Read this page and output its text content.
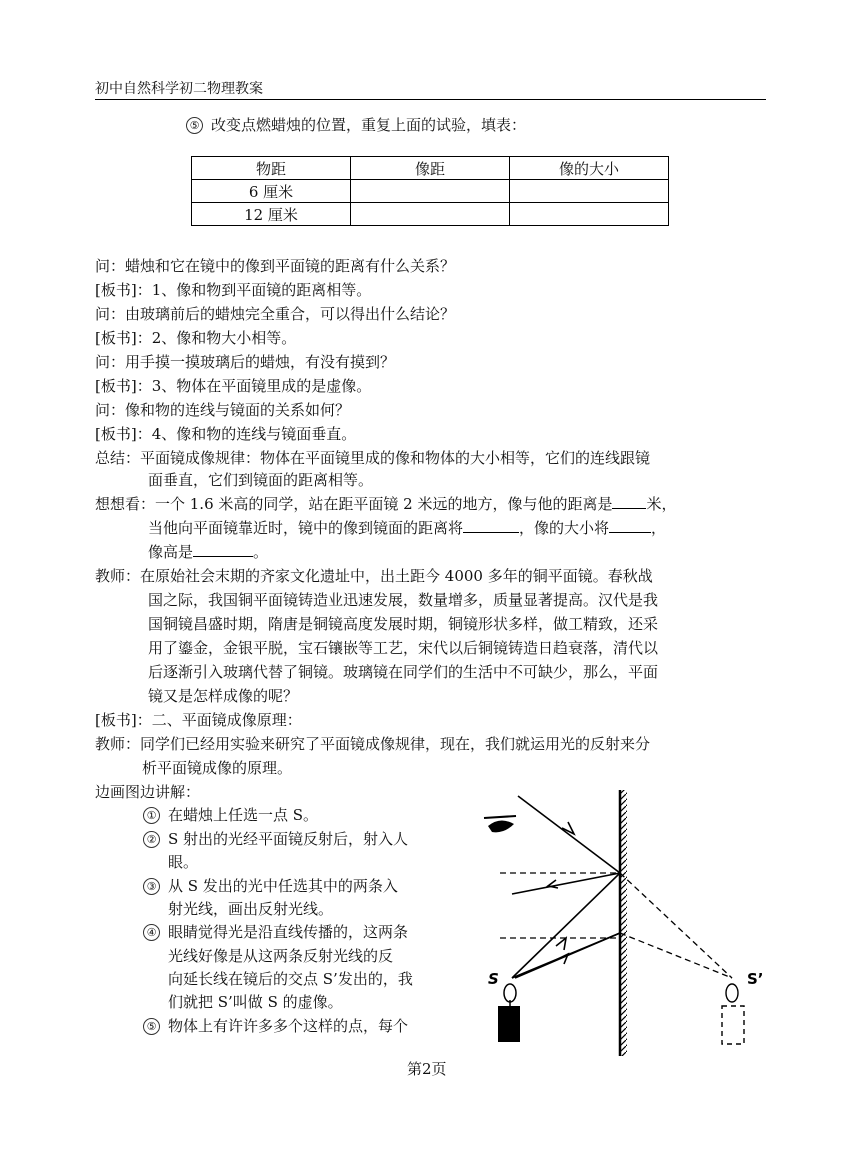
初中自然科学初二物理教案
⑤ 改变点燃蜡烛的位置，重复上面的试验，填表：
物距	像距	像的大小
6 厘米		
12 厘米		
问：蜡烛和它在镜中的像到平面镜的距离有什么关系？
[板书]：1、像和物到平面镜的距离相等。
问：由玻璃前后的蜡烛完全重合，可以得出什么结论？
[板书]：2、像和物大小相等。
问：用手摸一摸玻璃后的蜡烛，有没有摸到？
[板书]：3、物体在平面镜里成的是虚像。
问：像和物的连线与镜面的关系如何？
[板书]：4、像和物的连线与镜面垂直。
总结：平面镜成像规律：物体在平面镜里成的像和物体的大小相等，它们的连线跟镜
面垂直，它们到镜面的距离相等。
想想看：一个 1.6 米高的同学，站在距平面镜 2 米远的地方，像与他的距离是 米，
当他向平面镜靠近时，镜中的像到镜面的距离将	，像的大小将	，
像高是	。
教师：在原始社会末期的齐家文化遗址中，出土距今 4000 多年的铜平面镜。春秋战
国之际，我国铜平面镜铸造业迅速发展，数量增多，质量显著提高。汉代是我
国铜镜昌盛时期，隋唐是铜镜高度发展时期，铜镜形状多样，做工精致，还采
用了鎏金，金银平脱，宝石镶嵌等工艺，宋代以后铜镜铸造日趋衰落，清代以
后逐渐引入玻璃代替了铜镜。玻璃镜在同学们的生活中不可缺少，那么，平面
镜又是怎样成像的呢？
[板书]：二、平面镜成像原理：
教师：同学们已经用实验来研究了平面镜成像规律，现在，我们就运用光的反射来分
析平面镜成像的原理。
边画图边讲解：
① 在蜡烛上任选一点 S。
② S 射出的光经平面镜反射后，射入人
眼。
③ 从 S 发出的光中任选其中的两条入
射光线，画出反射光线。
④ 眼睛觉得光是沿直线传播的，这两条
光线好像是从这两条反射光线的反
向延长线在镜后的交点 S’发出的，我
们就把 S’叫做 S 的虚像。
⑤ 物体上有许许多多个这样的点，每个
S	S’
第2页
